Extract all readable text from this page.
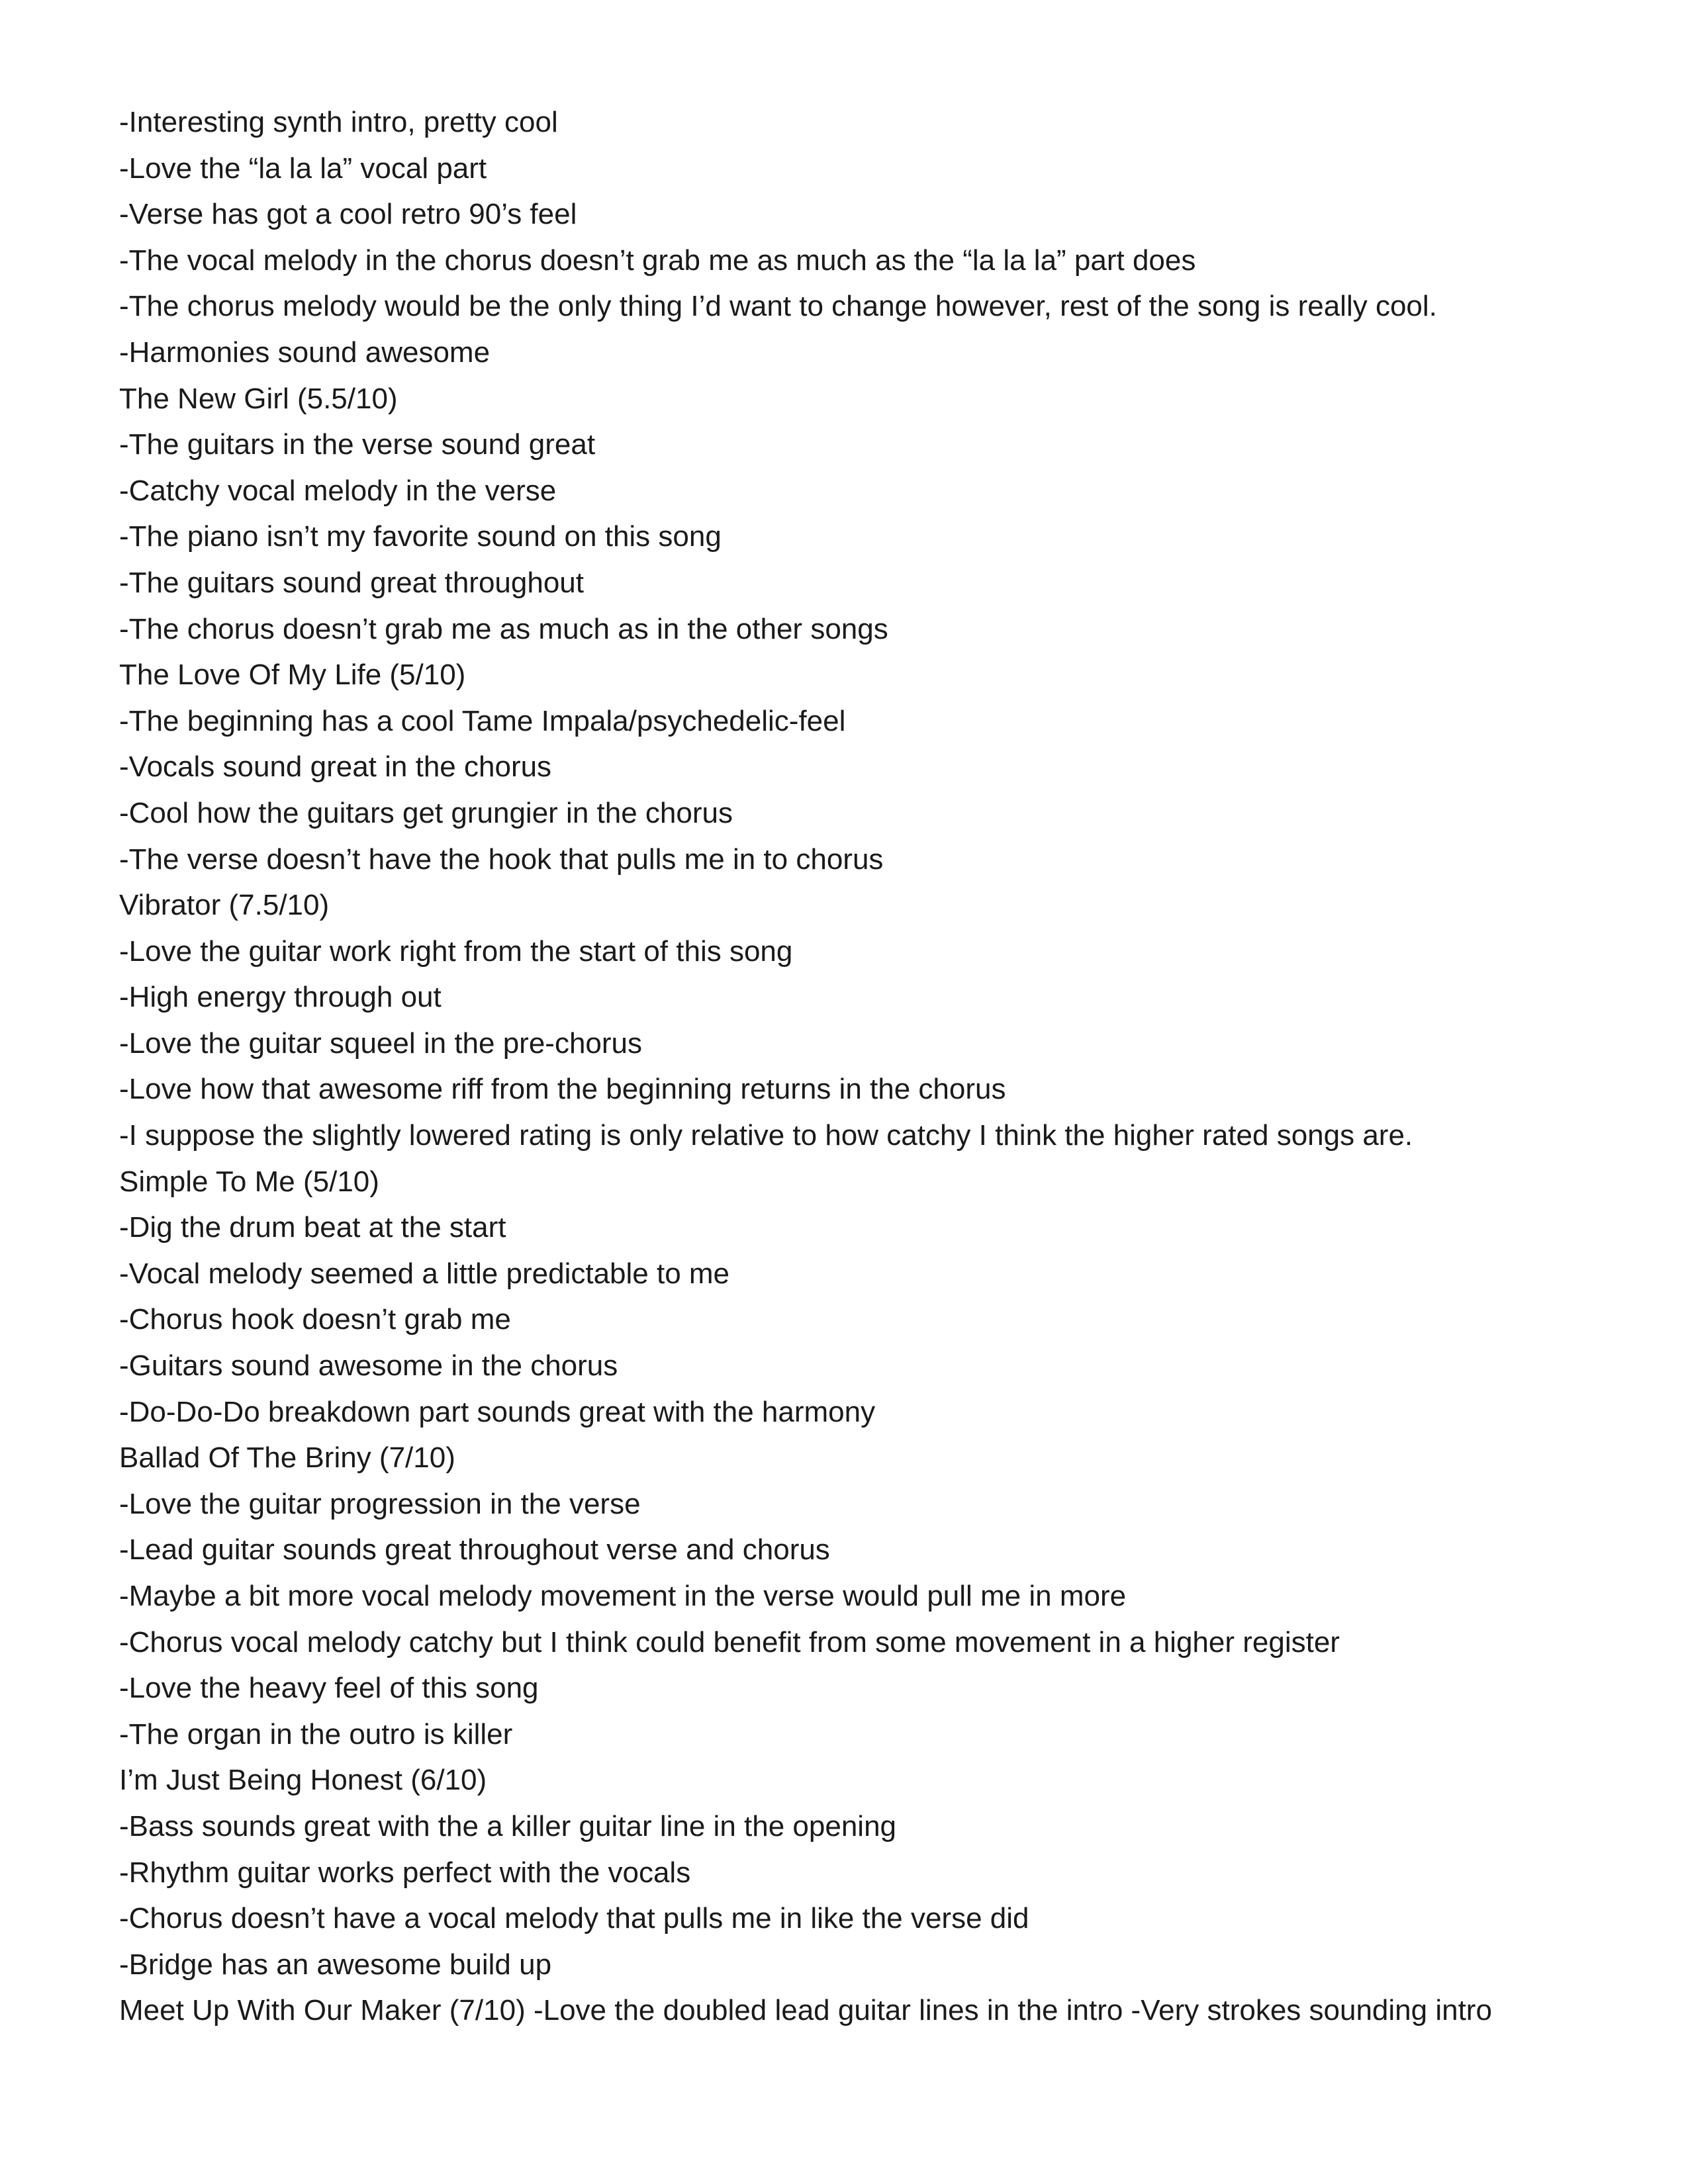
-Interesting synth intro, pretty cool
-Love the “la la la” vocal part
-Verse has got a cool retro 90’s feel
-The vocal melody in the chorus doesn’t grab me as much as the “la la la” part does
-The chorus melody would be the only thing I’d want to change however, rest of the song is really cool.
-Harmonies sound awesome
The New Girl (5.5/10)
-The guitars in the verse sound great
-Catchy vocal melody in the verse
-The piano isn’t my favorite sound on this song
-The guitars sound great throughout
-The chorus doesn’t grab me as much as in the other songs
The Love Of My Life (5/10)
-The beginning has a cool Tame Impala/psychedelic-feel
-Vocals sound great in the chorus
-Cool how the guitars get grungier in the chorus
-The verse doesn’t have the hook that pulls me in to chorus
Vibrator (7.5/10)
-Love the guitar work right from the start of this song
-High energy through out
-Love the guitar squeel in the pre-chorus
-Love how that awesome riff from the beginning returns in the chorus
-I suppose the slightly lowered rating is only relative to how catchy I think the higher rated songs are.
Simple To Me (5/10)
-Dig the drum beat at the start
-Vocal melody seemed a little predictable to me
-Chorus hook doesn’t grab me
-Guitars sound awesome in the chorus
-Do-Do-Do breakdown part sounds great with the harmony
Ballad Of The Briny (7/10)
-Love the guitar progression in the verse
-Lead guitar sounds great throughout verse and chorus
-Maybe a bit more vocal melody movement in the verse would pull me in more
-Chorus vocal melody catchy but I think could benefit from some movement in a higher register
-Love the heavy feel of this song
-The organ in the outro is killer
I’m Just Being Honest (6/10)
-Bass sounds great with the a killer guitar line in the opening
-Rhythm guitar works perfect with the vocals
-Chorus doesn’t have a vocal melody that pulls me in like the verse did
-Bridge has an awesome build up
Meet Up With Our Maker (7/10) -Love the doubled lead guitar lines in the intro -Very strokes sounding intro
